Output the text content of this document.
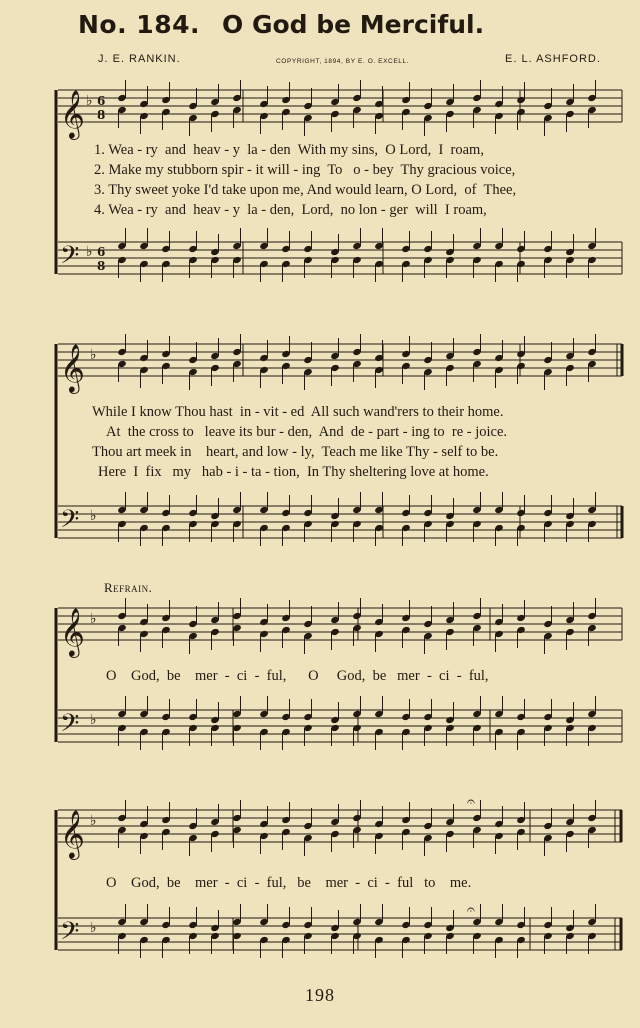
No. 184. O God be Merciful.
J. E. RANKIN.	COPYRIGHT, 1894, BY E. O. EXCELL.	E. L. ASHFORD.
𝄞 ♭ 6
8
𝄢 ♭ 6
8
1. Wea - ry  and  heav - y  la - den  With my sins,  O Lord,  I  roam,
2. Make my stubborn spir - it will - ing  To   o - bey  Thy gracious voice,
3. Thy sweet yoke I'd take upon me, And would learn, O Lord,  of  Thee,
4. Wea - ry  and  heav - y  la - den,  Lord,  no lon - ger  will  I roam,
𝄞 ♭
𝄢 ♭
While I know Thou hast  in - vit - ed  All such wand'rers to their home.
At  the cross to   leave its bur - den,  And  de - part - ing to  re - joice.
Thou art meek in    heart, and low - ly,  Teach me like Thy - self to be.
Here  I  fix   my   hab - i - ta - tion,  In Thy sheltering love at home.
Refrain.
𝄞 ♭
𝄢 ♭
O    God,  be    mer  -  ci  -  ful,      O     God,  be   mer  -  ci  -  ful,
𝄞 ♭
𝄢 ♭
𝄐
𝄐
O    God,  be    mer  -  ci  -  ful,   be    mer  -  ci  -  ful   to    me.
198
